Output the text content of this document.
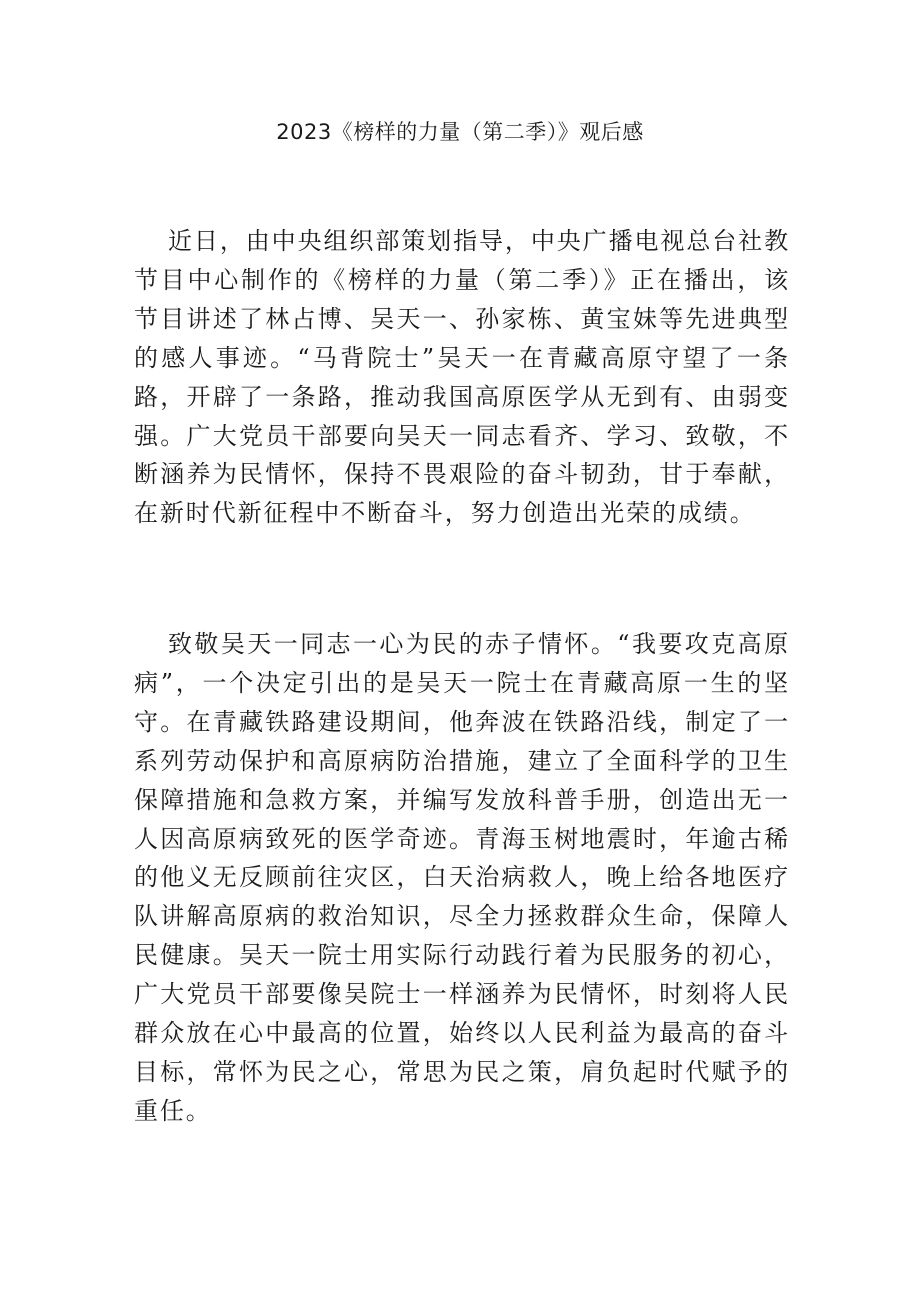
2023《榜样的力量（第二季）》观后感

近日，由中央组织部策划指导，中央广播电视总台社教节目中心制作的《榜样的力量（第二季）》正在播出，该节目讲述了林占博、吴天一、孙家栋、黄宝妹等先进典型的感人事迹。“马背院士”吴天一在青藏高原守望了一条路，开辟了一条路，推动我国高原医学从无到有、由弱变强。广大党员干部要向吴天一同志看齐、学习、致敬，不断涵养为民情怀，保持不畏艰险的奋斗韧劲，甘于奉献，在新时代新征程中不断奋斗，努力创造出光荣的成绩。

致敬吴天一同志一心为民的赤子情怀。“我要攻克高原病”，一个决定引出的是吴天一院士在青藏高原一生的坚守。在青藏铁路建设期间，他奔波在铁路沿线，制定了一系列劳动保护和高原病防治措施，建立了全面科学的卫生保障措施和急救方案，并编写发放科普手册，创造出无一人因高原病致死的医学奇迹。青海玉树地震时，年逾古稀的他义无反顾前往灾区，白天治病救人，晚上给各地医疗队讲解高原病的救治知识，尽全力拯救群众生命，保障人民健康。吴天一院士用实际行动践行着为民服务的初心，广大党员干部要像吴院士一样涵养为民情怀，时刻将人民群众放在心中最高的位置，始终以人民利益为最高的奋斗目标，常怀为民之心，常思为民之策，肩负起时代赋予的重任。
